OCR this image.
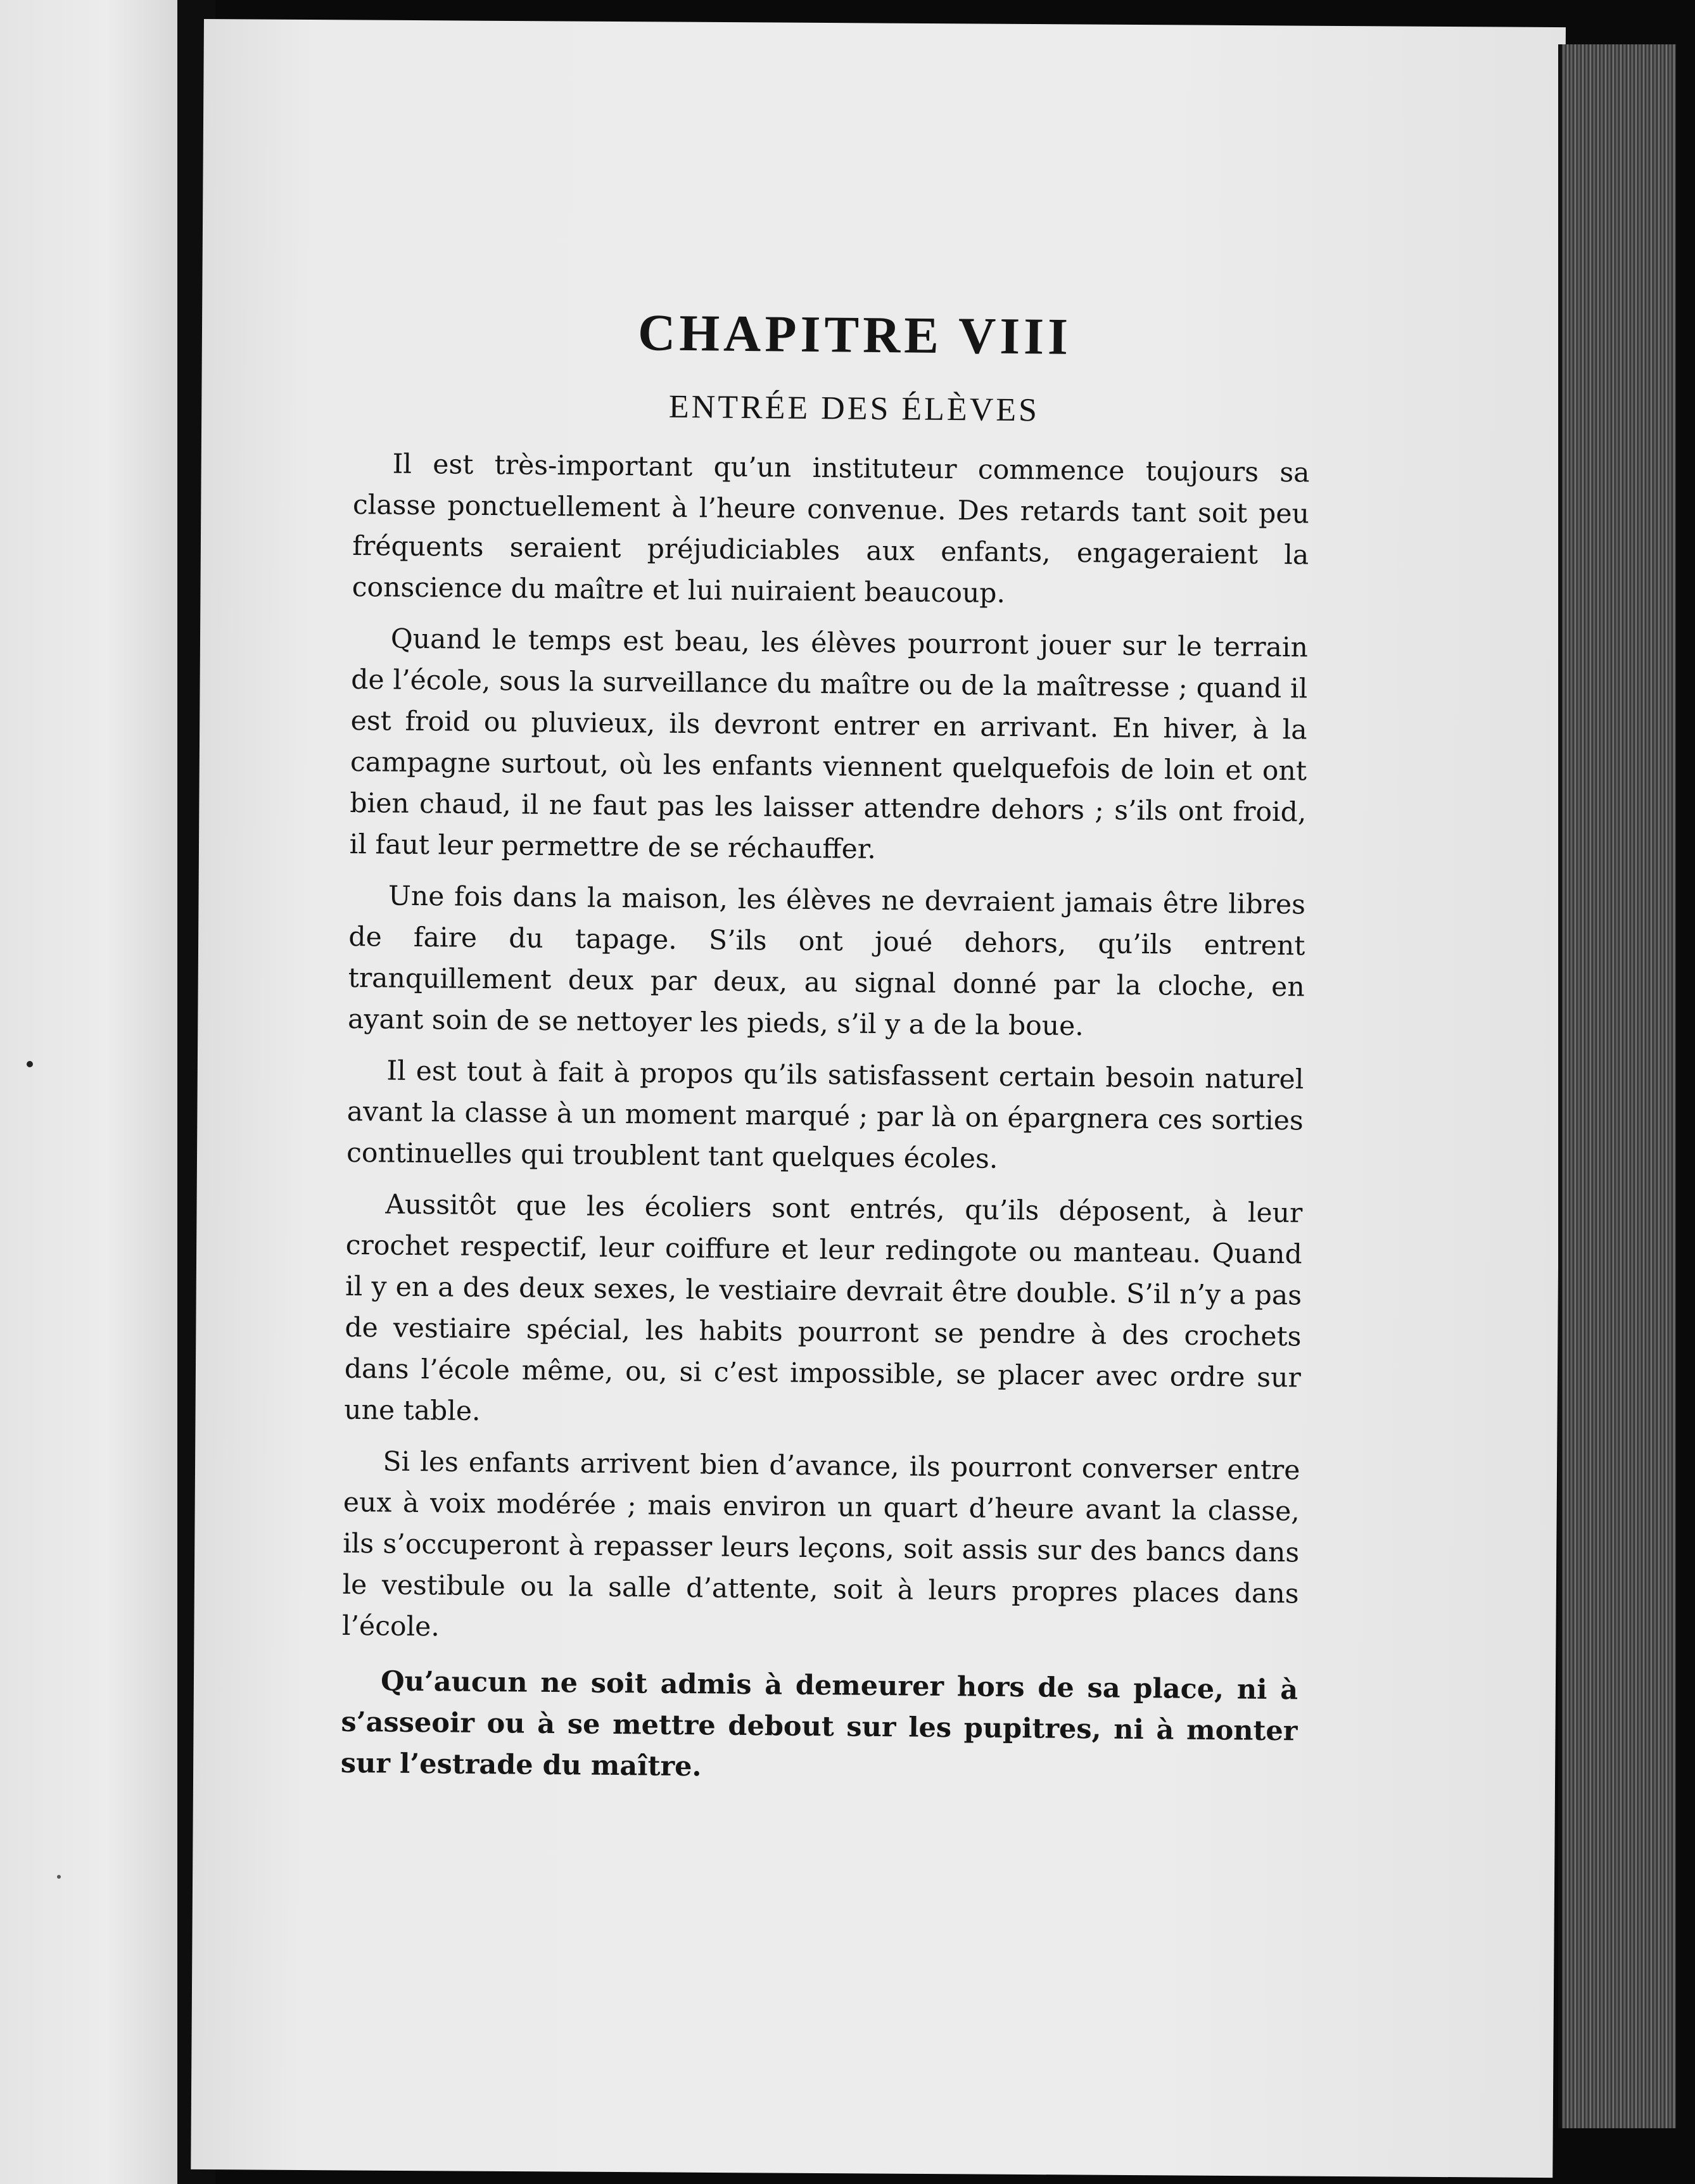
CHAPITRE VIII
ENTRÉE DES ÉLÈVES

Il est très-important qu’un instituteur commence toujours sa classe ponctuellement à l’heure convenue. Des retards tant soit peu fréquents seraient préjudiciables aux enfants, engageraient la conscience du maître et lui nuiraient beaucoup.

Quand le temps est beau, les élèves pourront jouer sur le terrain de l’école, sous la surveillance du maître ou de la maîtresse ; quand il est froid ou pluvieux, ils devront entrer en arrivant. En hiver, à la campagne surtout, où les enfants viennent quelquefois de loin et ont bien chaud, il ne faut pas les laisser attendre dehors ; s’ils ont froid, il faut leur permettre de se réchauffer.

Une fois dans la maison, les élèves ne devraient jamais être libres de faire du tapage. S’ils ont joué dehors, qu’ils entrent tranquillement deux par deux, au signal donné par la cloche, en ayant soin de se nettoyer les pieds, s’il y a de la boue.

Il est tout à fait à propos qu’ils satisfassent certain besoin naturel avant la classe à un moment marqué ; par là on épargnera ces sorties continuelles qui troublent tant quelques écoles.

Aussitôt que les écoliers sont entrés, qu’ils déposent, à leur crochet respectif, leur coiffure et leur redingote ou manteau. Quand il y en a des deux sexes, le vestiaire devrait être double. S’il n’y a pas de vestiaire spécial, les habits pourront se pendre à des crochets dans l’école même, ou, si c’est impossible, se placer avec ordre sur une table.

Si les enfants arrivent bien d’avance, ils pourront converser entre eux à voix modérée ; mais environ un quart d’heure avant la classe, ils s’occuperont à repasser leurs leçons, soit assis sur des bancs dans le vestibule ou la salle d’attente, soit à leurs propres places dans l’école.

Qu’aucun ne soit admis à demeurer hors de sa place, ni à s’asseoir ou à se mettre debout sur les pupitres, ni à monter sur l’estrade du maître.
